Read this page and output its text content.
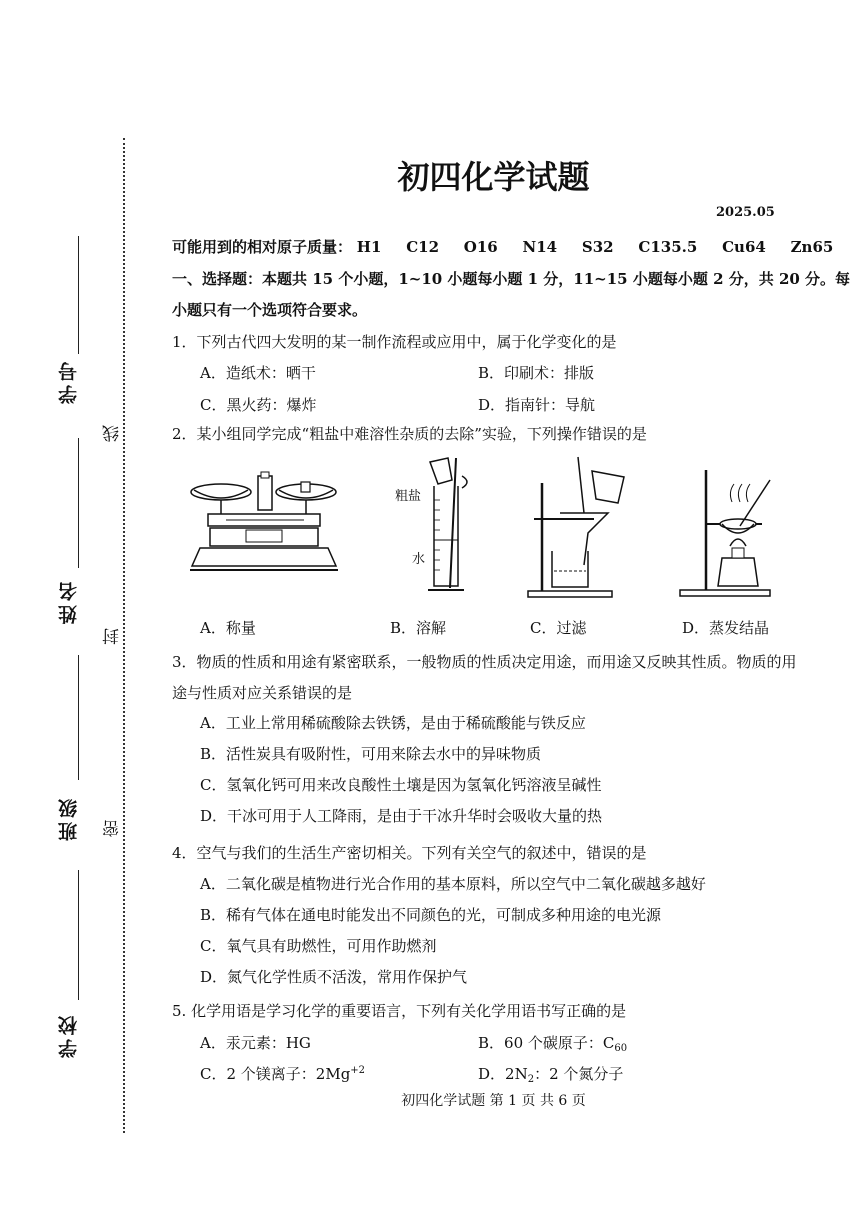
学号
姓名
班级
学校
线
封
密
初四化学试题
2025.05
可能用到的相对原子质量： H1 C12 O16 N14 S32 C135.5 Cu64 Zn65
一、选择题：本题共 15 个小题，1~10 小题每小题 1 分，11~15 小题每小题 2 分，共 20 分。每
小题只有一个选项符合要求。
1．下列古代四大发明的某一制作流程或应用中，属于化学变化的是
A．造纸术：晒干	B．印刷术：排版
C．黑火药：爆炸	D．指南针：导航
2．某小组同学完成“粗盐中难溶性杂质的去除”实验，下列操作错误的是
粗盐
水
A．称量	B．溶解	C．过滤	D．蒸发结晶
3．物质的性质和用途有紧密联系，一般物质的性质决定用途，而用途又反映其性质。物质的用
途与性质对应关系错误的是
A．工业上常用稀硫酸除去铁锈，是由于稀硫酸能与铁反应
B．活性炭具有吸附性，可用来除去水中的异味物质
C．氢氧化钙可用来改良酸性土壤是因为氢氧化钙溶液呈碱性
D．干冰可用于人工降雨，是由于干冰升华时会吸收大量的热
4．空气与我们的生活生产密切相关。下列有关空气的叙述中，错误的是
A．二氧化碳是植物进行光合作用的基本原料，所以空气中二氧化碳越多越好
B．稀有气体在通电时能发出不同颜色的光，可制成多种用途的电光源
C．氧气具有助燃性，可用作助燃剂
D．氮气化学性质不活泼，常用作保护气
5. 化学用语是学习化学的重要语言，下列有关化学用语书写正确的是
A．汞元素：HG	B．60 个碳原子：$C_{60}$
C．2 个镁离子：$2Mg^{+2}$	D．$2N_2$：2 个氮分子
初四化学试题 第 1 页 共 6 页
